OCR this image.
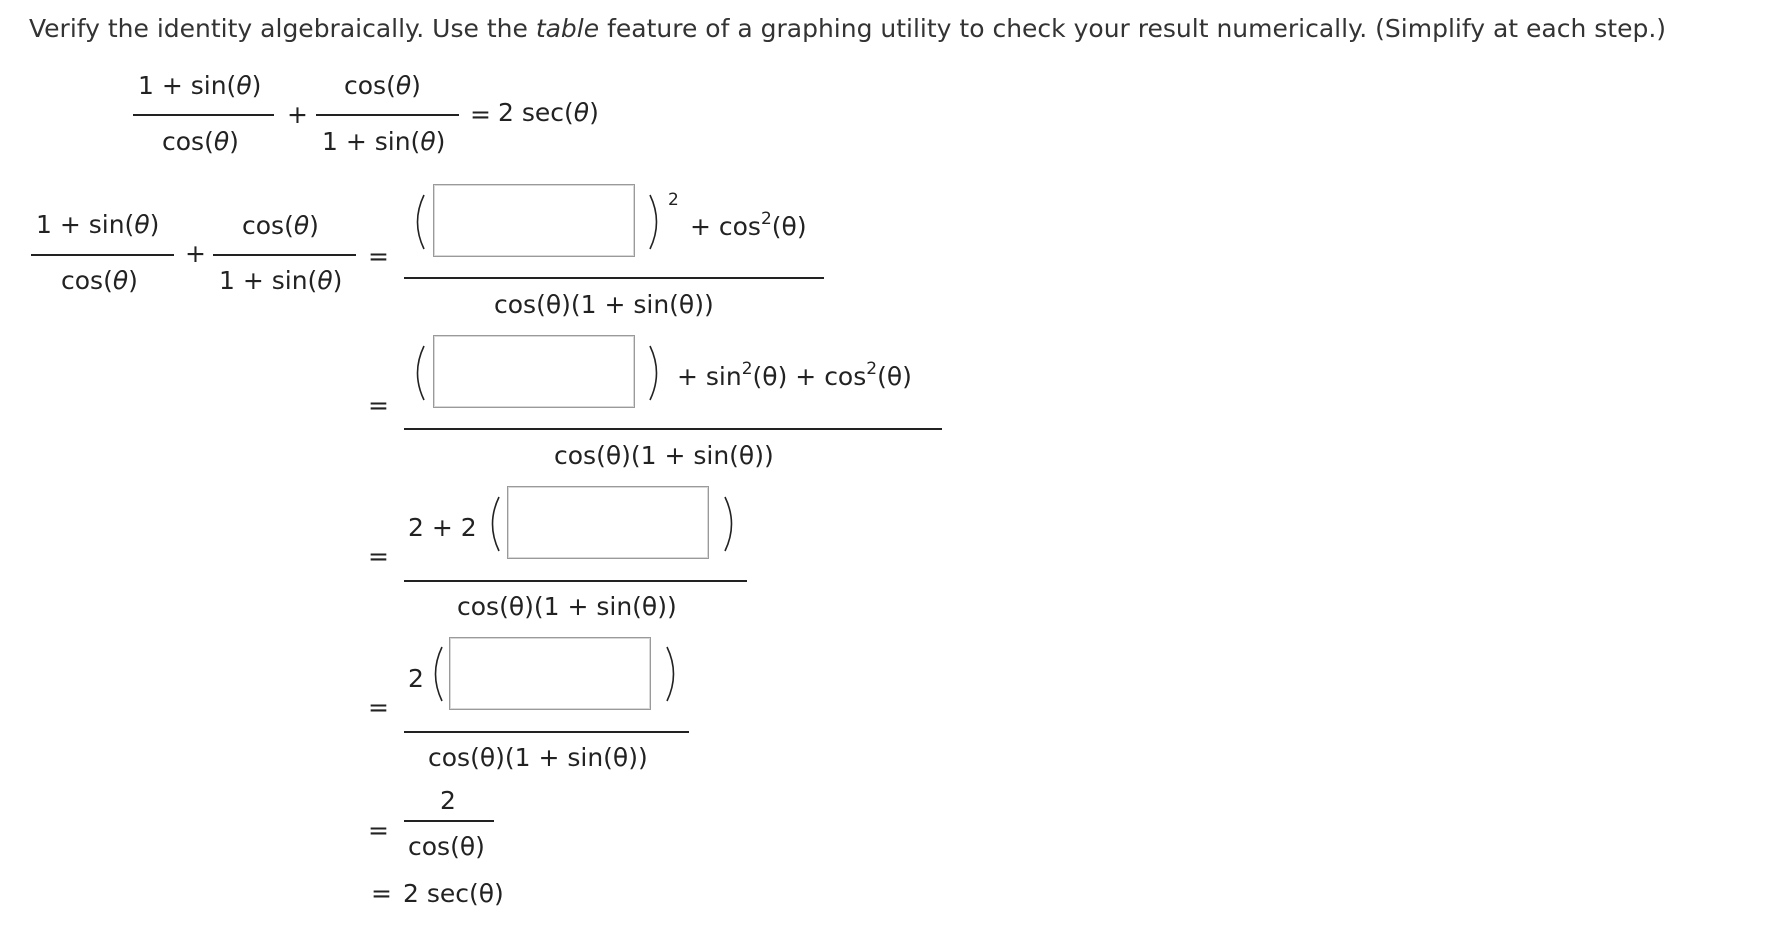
Verify the identity algebraically. Use the table feature of a graphing utility to check your result numerically. (Simplify at each step.)
1 + sin(θ)
cos(θ)
+
cos(θ)
1 + sin(θ)
= 2 sec(θ)
1 + sin(θ)
cos(θ)
+
cos(θ)
1 + sin(θ)
=
2
+ $\cos^2(\theta)$
cos(θ)(1 + sin(θ))
=
+ $\sin^2(\theta) + \cos^2(\theta)$
cos(θ)(1 + sin(θ))
=
2 + 2
cos(θ)(1 + sin(θ))
=
2
cos(θ)(1 + sin(θ))
=
2
cos(θ)
= 2 sec(θ)
